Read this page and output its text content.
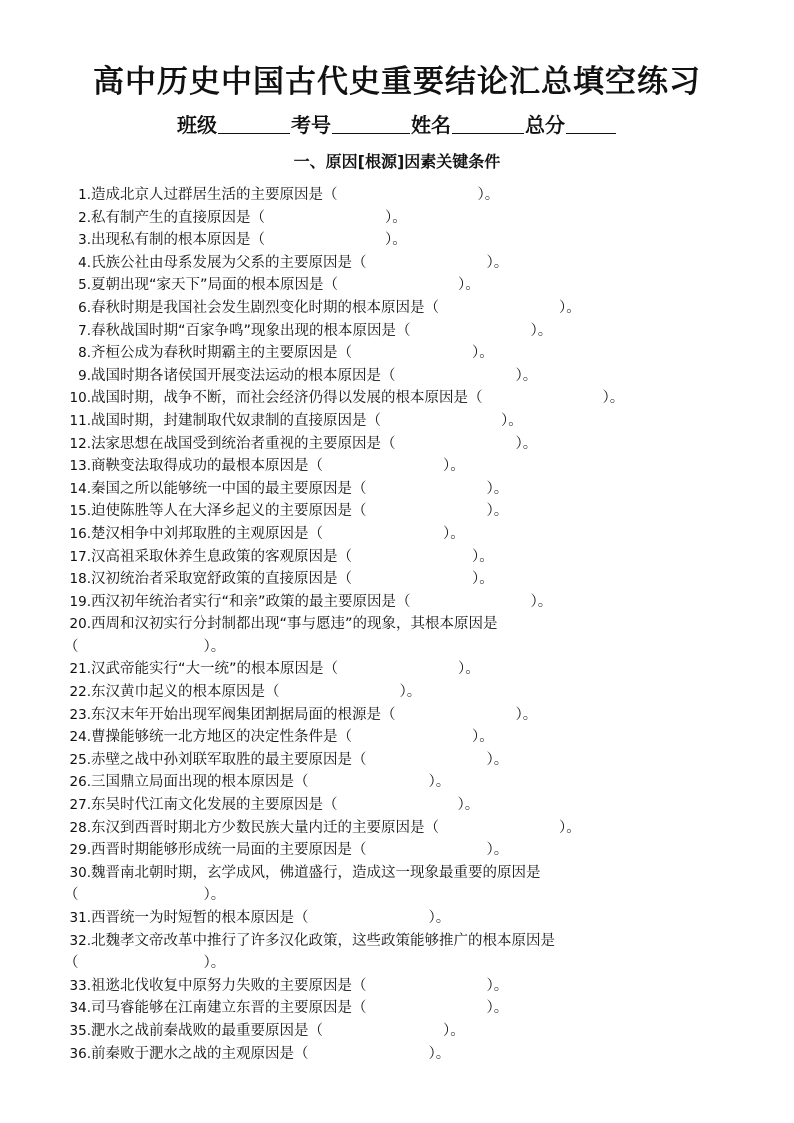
高中历史中国古代史重要结论汇总填空练习
班级	考号	姓名	总分
一、原因[根源]因素关键条件
1.造成北京人过群居生活的主要原因是（	）。
2.私有制产生的直接原因是（	）。
3.出现私有制的根本原因是（	）。
4.氏族公社由母系发展为父系的主要原因是（	）。
5.夏朝出现“家天下”局面的根本原因是（	）。
6.春秋时期是我国社会发生剧烈变化时期的根本原因是（	）。
7.春秋战国时期“百家争鸣”现象出现的根本原因是（	）。
8.齐桓公成为春秋时期霸主的主要原因是（	）。
9.战国时期各诸侯国开展变法运动的根本原因是（	）。
10.战国时期，战争不断，而社会经济仍得以发展的根本原因是（	）。
11.战国时期，封建制取代奴隶制的直接原因是（	）。
12.法家思想在战国受到统治者重视的主要原因是（	）。
13.商鞅变法取得成功的最根本原因是（	）。
14.秦国之所以能够统一中国的最主要原因是（	）。
15.迫使陈胜等人在大泽乡起义的主要原因是（	）。
16.楚汉相争中刘邦取胜的主观原因是（	）。
17.汉高祖采取休养生息政策的客观原因是（	）。
18.汉初统治者采取宽舒政策的直接原因是（	）。
19.西汉初年统治者实行“和亲”政策的最主要原因是（	）。
20.西周和汉初实行分封制都出现“事与愿违”的现象，其根本原因是
（	）。
21.汉武帝能实行“大一统”的根本原因是（	）。
22.东汉黄巾起义的根本原因是（	）。
23.东汉末年开始出现军阀集团割据局面的根源是（	）。
24.曹操能够统一北方地区的决定性条件是（	）。
25.赤壁之战中孙刘联军取胜的最主要原因是（	）。
26.三国鼎立局面出现的根本原因是（	）。
27.东吴时代江南文化发展的主要原因是（	）。
28.东汉到西晋时期北方少数民族大量内迁的主要原因是（	）。
29.西晋时期能够形成统一局面的主要原因是（	）。
30.魏晋南北朝时期，玄学成风，佛道盛行，造成这一现象最重要的原因是
（	）。
31.西晋统一为时短暂的根本原因是（	）。
32.北魏孝文帝改革中推行了许多汉化政策，这些政策能够推广的根本原因是
（	）。
33.祖逖北伐收复中原努力失败的主要原因是（	）。
34.司马睿能够在江南建立东晋的主要原因是（	）。
35.淝水之战前秦战败的最重要原因是（	）。
36.前秦败于淝水之战的主观原因是（	）。
